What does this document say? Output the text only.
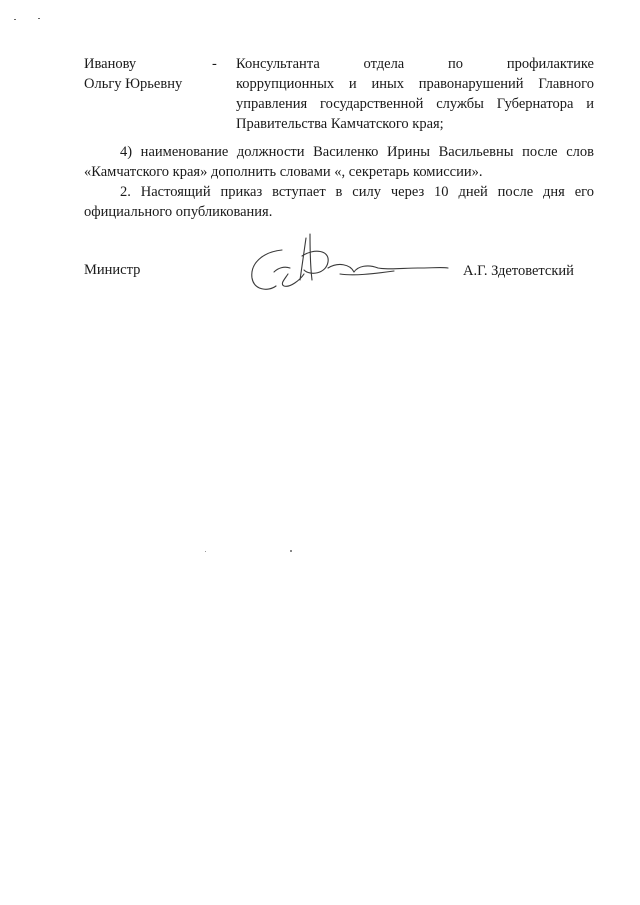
Иванову
Ольгу Юрьевну
- Консультанта отдела по профилактике
коррупционных и иных правонарушений Главного
управления государственной службы Губернатора и
Правительства Камчатского края;
4) наименование должности Василенко Ирины Васильевны после слов
«Камчатского края» дополнить словами «, секретарь комиссии».
2. Настоящий приказ вступает в силу через 10 дней после дня его
официального опубликования.
Министр	А.Г. Здетоветский
